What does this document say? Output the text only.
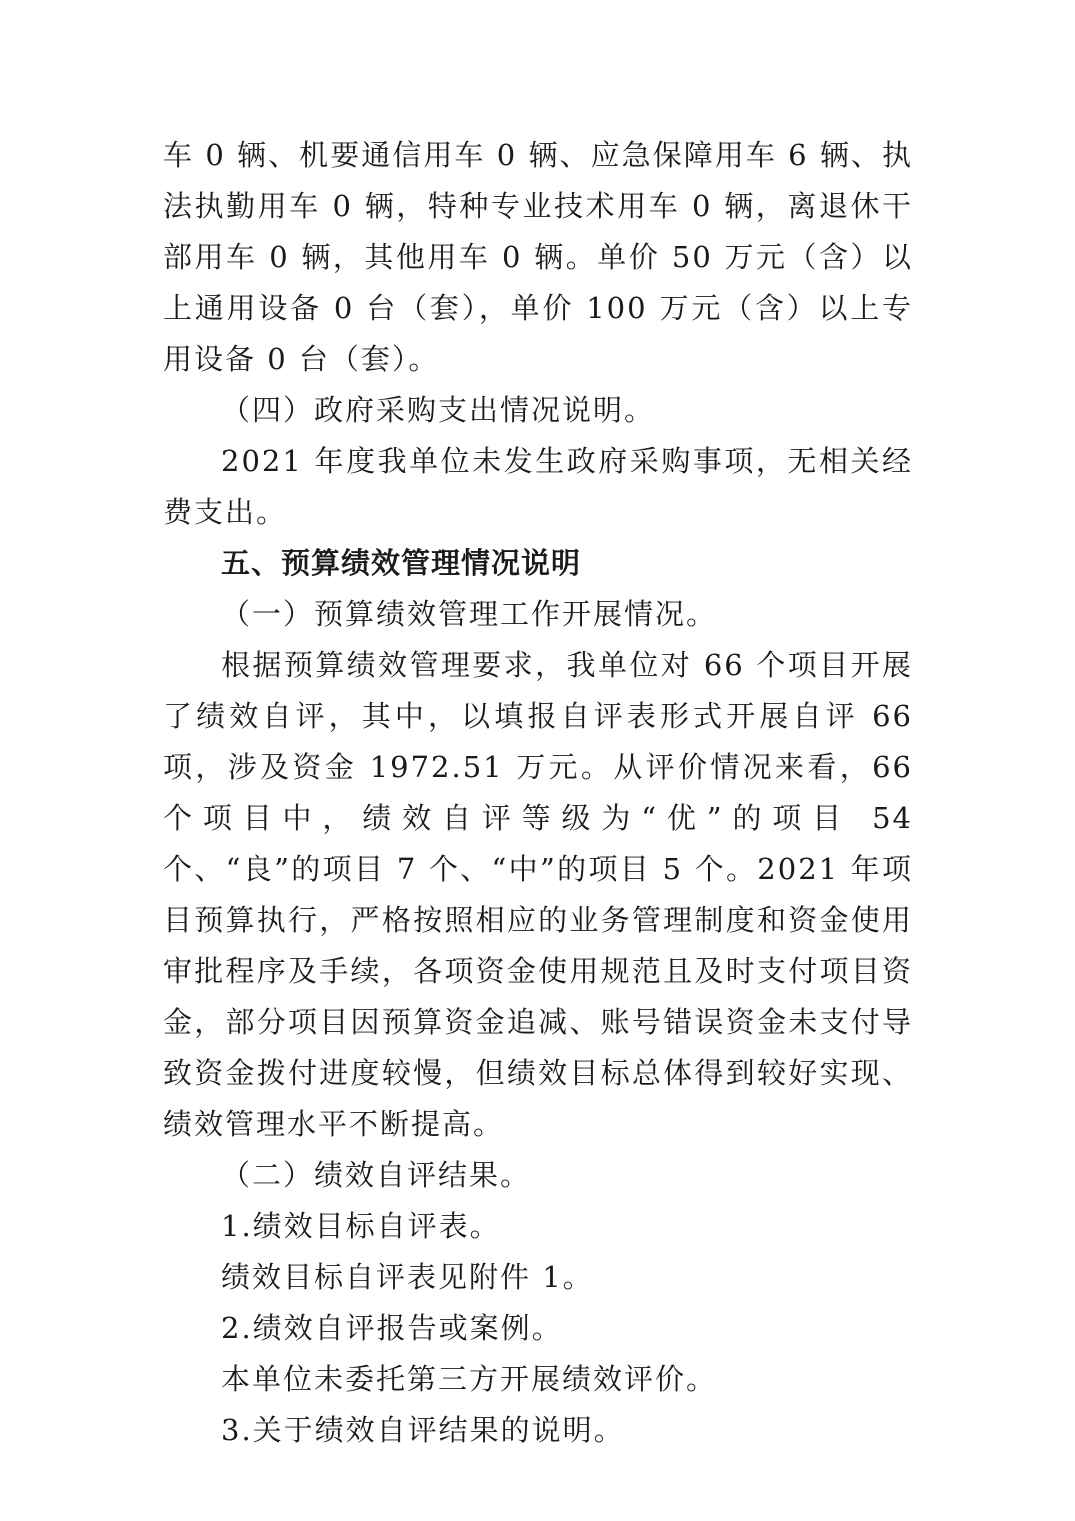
车 0 辆、机要通信用车 0 辆、应急保障用车 6 辆、执法执勤用车 0 辆，特种专业技术用车 0 辆，离退休干部用车 0 辆，其他用车 0 辆。单价 50 万元（含）以上通用设备 0 台（套），单价 100 万元（含）以上专用设备 0 台（套）。

（四）政府采购支出情况说明。

2021 年度我单位未发生政府采购事项，无相关经费支出。

五、预算绩效管理情况说明

（一）预算绩效管理工作开展情况。

根据预算绩效管理要求，我单位对 66 个项目开展了绩效自评，其中，以填报自评表形式开展自评 66 项，涉及资金 1972.51 万元。从评价情况来看，66 个项目中，绩效自评等级为“优”的项目 54 个、“良”的项目 7 个、“中”的项目 5 个。2021 年项目预算执行，严格按照相应的业务管理制度和资金使用审批程序及手续，各项资金使用规范且及时支付项目资金，部分项目因预算资金追减、账号错误资金未支付导致资金拨付进度较慢，但绩效目标总体得到较好实现、绩效管理水平不断提高。

（二）绩效自评结果。

1.绩效目标自评表。

绩效目标自评表见附件 1。

2.绩效自评报告或案例。

本单位未委托第三方开展绩效评价。

3.关于绩效自评结果的说明。
